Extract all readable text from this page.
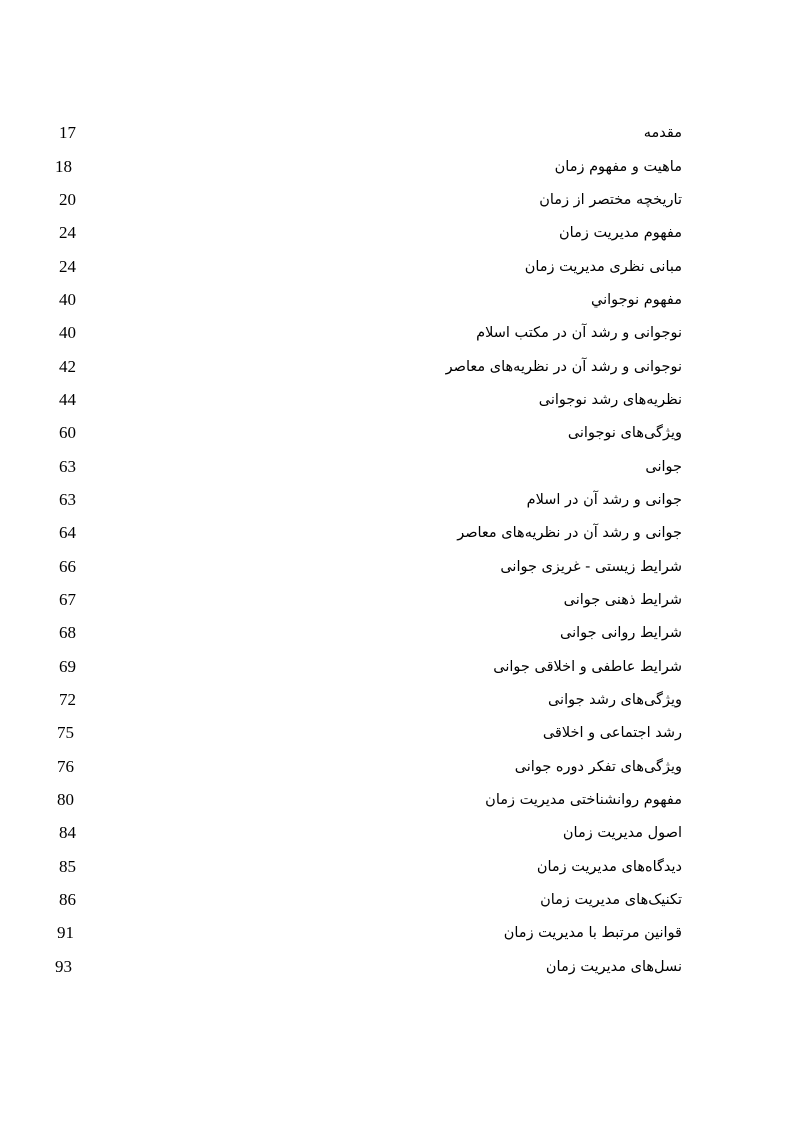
مقدمه
17
ماهیت و مفهوم زمان
18
تاریخچه مختصر از زمان
20
مفهوم مدیریت زمان
24
مبانی نظری مدیریت زمان
24
مفهوم نوجواني
40
نوجوانی و رشد آن در مکتب اسلام
40
نوجوانی و رشد آن در نظریه‌های معاصر
42
نظریه‌های رشد نوجوانی
44
ویژگی‌های نوجوانی
60
جوانی
63
جوانی و رشد آن در اسلام
63
جوانی و رشد آن در نظریه‌های معاصر
64
شرایط زیستی - غریزی جوانی
66
شرایط ذهنی جوانی
67
شرایط روانی جوانی
68
شرایط عاطفی و اخلاقی جوانی
69
ویژگی‌های رشد جوانی
72
رشد اجتماعی و اخلاقی
75
ویژگی‌های تفکر دوره جوانی
76
مفهوم روانشناختی مدیریت زمان
80
اصول مدیریت زمان
84
دیدگاه‌های مدیریت زمان
85
تکنیک‌های مدیریت زمان
86
قوانین مرتبط با مدیریت زمان
91
نسل‌های مدیریت زمان
93
